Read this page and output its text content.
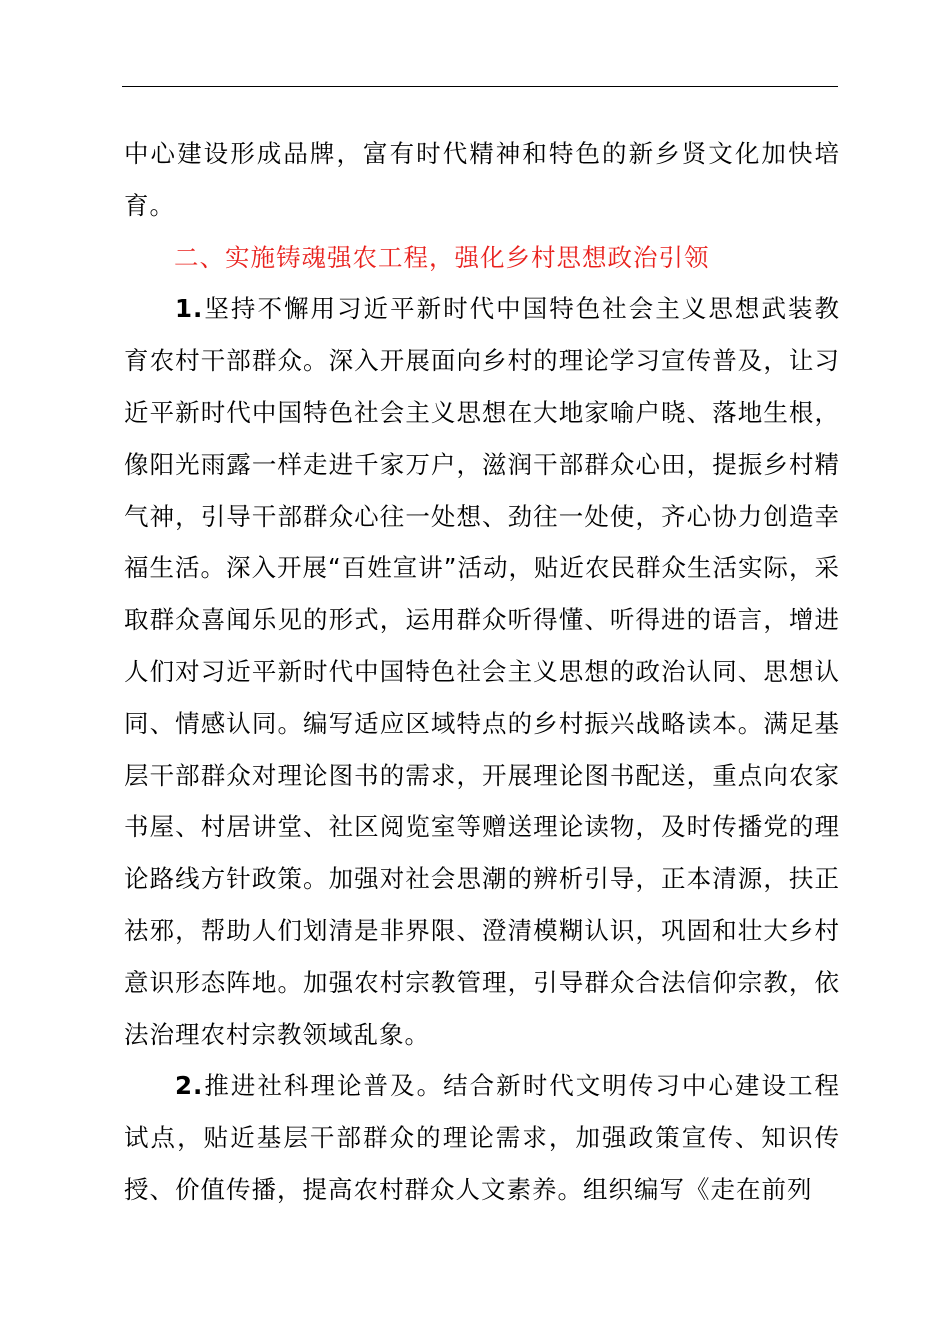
中心建设形成品牌，富有时代精神和特色的新乡贤文化加快培育。

二、实施铸魂强农工程，强化乡村思想政治引领

1.坚持不懈用习近平新时代中国特色社会主义思想武装教育农村干部群众。深入开展面向乡村的理论学习宣传普及，让习近平新时代中国特色社会主义思想在大地家喻户晓、落地生根，像阳光雨露一样走进千家万户，滋润干部群众心田，提振乡村精气神，引导干部群众心往一处想、劲往一处使，齐心协力创造幸福生活。深入开展“百姓宣讲”活动，贴近农民群众生活实际，采取群众喜闻乐见的形式，运用群众听得懂、听得进的语言，增进人们对习近平新时代中国特色社会主义思想的政治认同、思想认同、情感认同。编写适应区域特点的乡村振兴战略读本。满足基层干部群众对理论图书的需求，开展理论图书配送，重点向农家书屋、村居讲堂、社区阅览室等赠送理论读物，及时传播党的理论路线方针政策。加强对社会思潮的辨析引导，正本清源，扶正祛邪，帮助人们划清是非界限、澄清模糊认识，巩固和壮大乡村意识形态阵地。加强农村宗教管理，引导群众合法信仰宗教，依法治理农村宗教领域乱象。

2.推进社科理论普及。结合新时代文明传习中心建设工程试点，贴近基层干部群众的理论需求，加强政策宣传、知识传授、价值传播，提高农村群众人文素养。组织编写《走在前列
